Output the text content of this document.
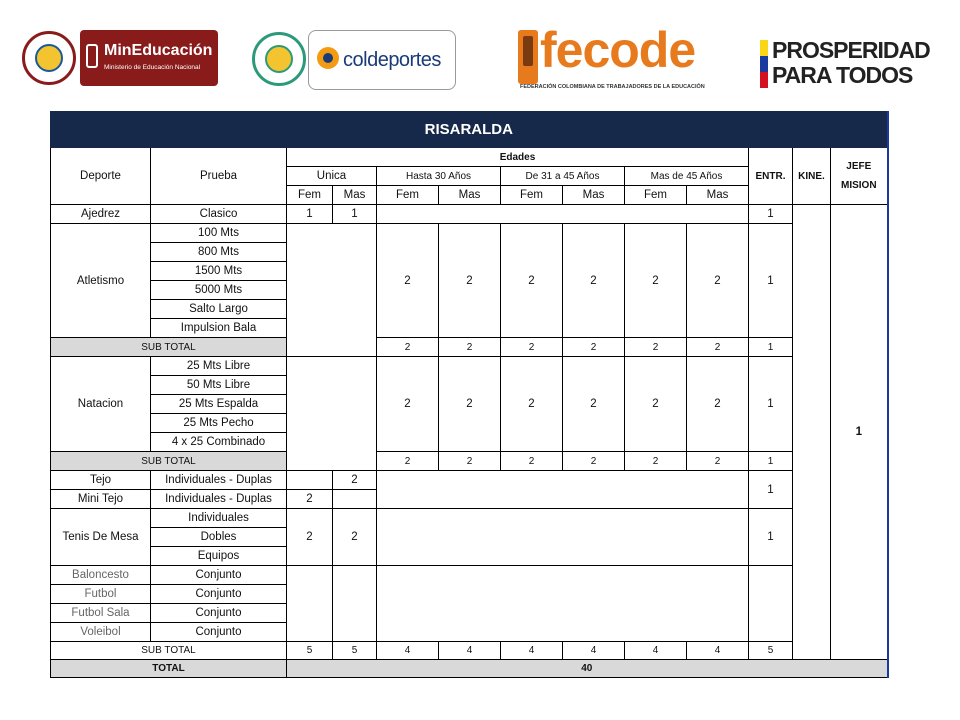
MinEducación
Ministerio de Educación Nacional	coldeportes fecode
FEDERACIÓN COLOMBIANA DE TRABAJADORES DE LA EDUCACIÓN
PROSPERIDAD
PARA TODOS
RISARALDA													
Deporte	Prueba	Edades								ENTR.	KINE.	JEFE MISION	
		Unica		Hasta 30 Años		De 31 a 45 Años		Mas de 45 Años					
		Fem	Mas	Fem	Mas	Fem	Mas	Fem	Mas				
Ajedrez	Clasico	1	1							1		1	
Atletismo	100 Mts			2	2	2	2	2	2	1			
	800 Mts												
	1500 Mts												
	5000 Mts												
	Salto Largo												
	Impulsion Bala												
SUB TOTAL				2	2	2	2	2	2	1			
Natacion	25 Mts Libre			2	2	2	2	2	2	1			
	50 Mts Libre												
	25 Mts Espalda												
	25 Mts Pecho												
	4 x 25 Combinado												
SUB TOTAL				2	2	2	2	2	2	1			
Tejo	Individuales - Duplas		2							1			
Mini Tejo	Individuales - Duplas	2											
Tenis De Mesa	Individuales	2	2							1			
	Dobles												
	Equipos												
Baloncesto	Conjunto												
Futbol	Conjunto												
Futbol Sala	Conjunto												
Voleibol	Conjunto												
SUB TOTAL		5	5	4	4	4	4	4	4	5		
TOTAL		40											
